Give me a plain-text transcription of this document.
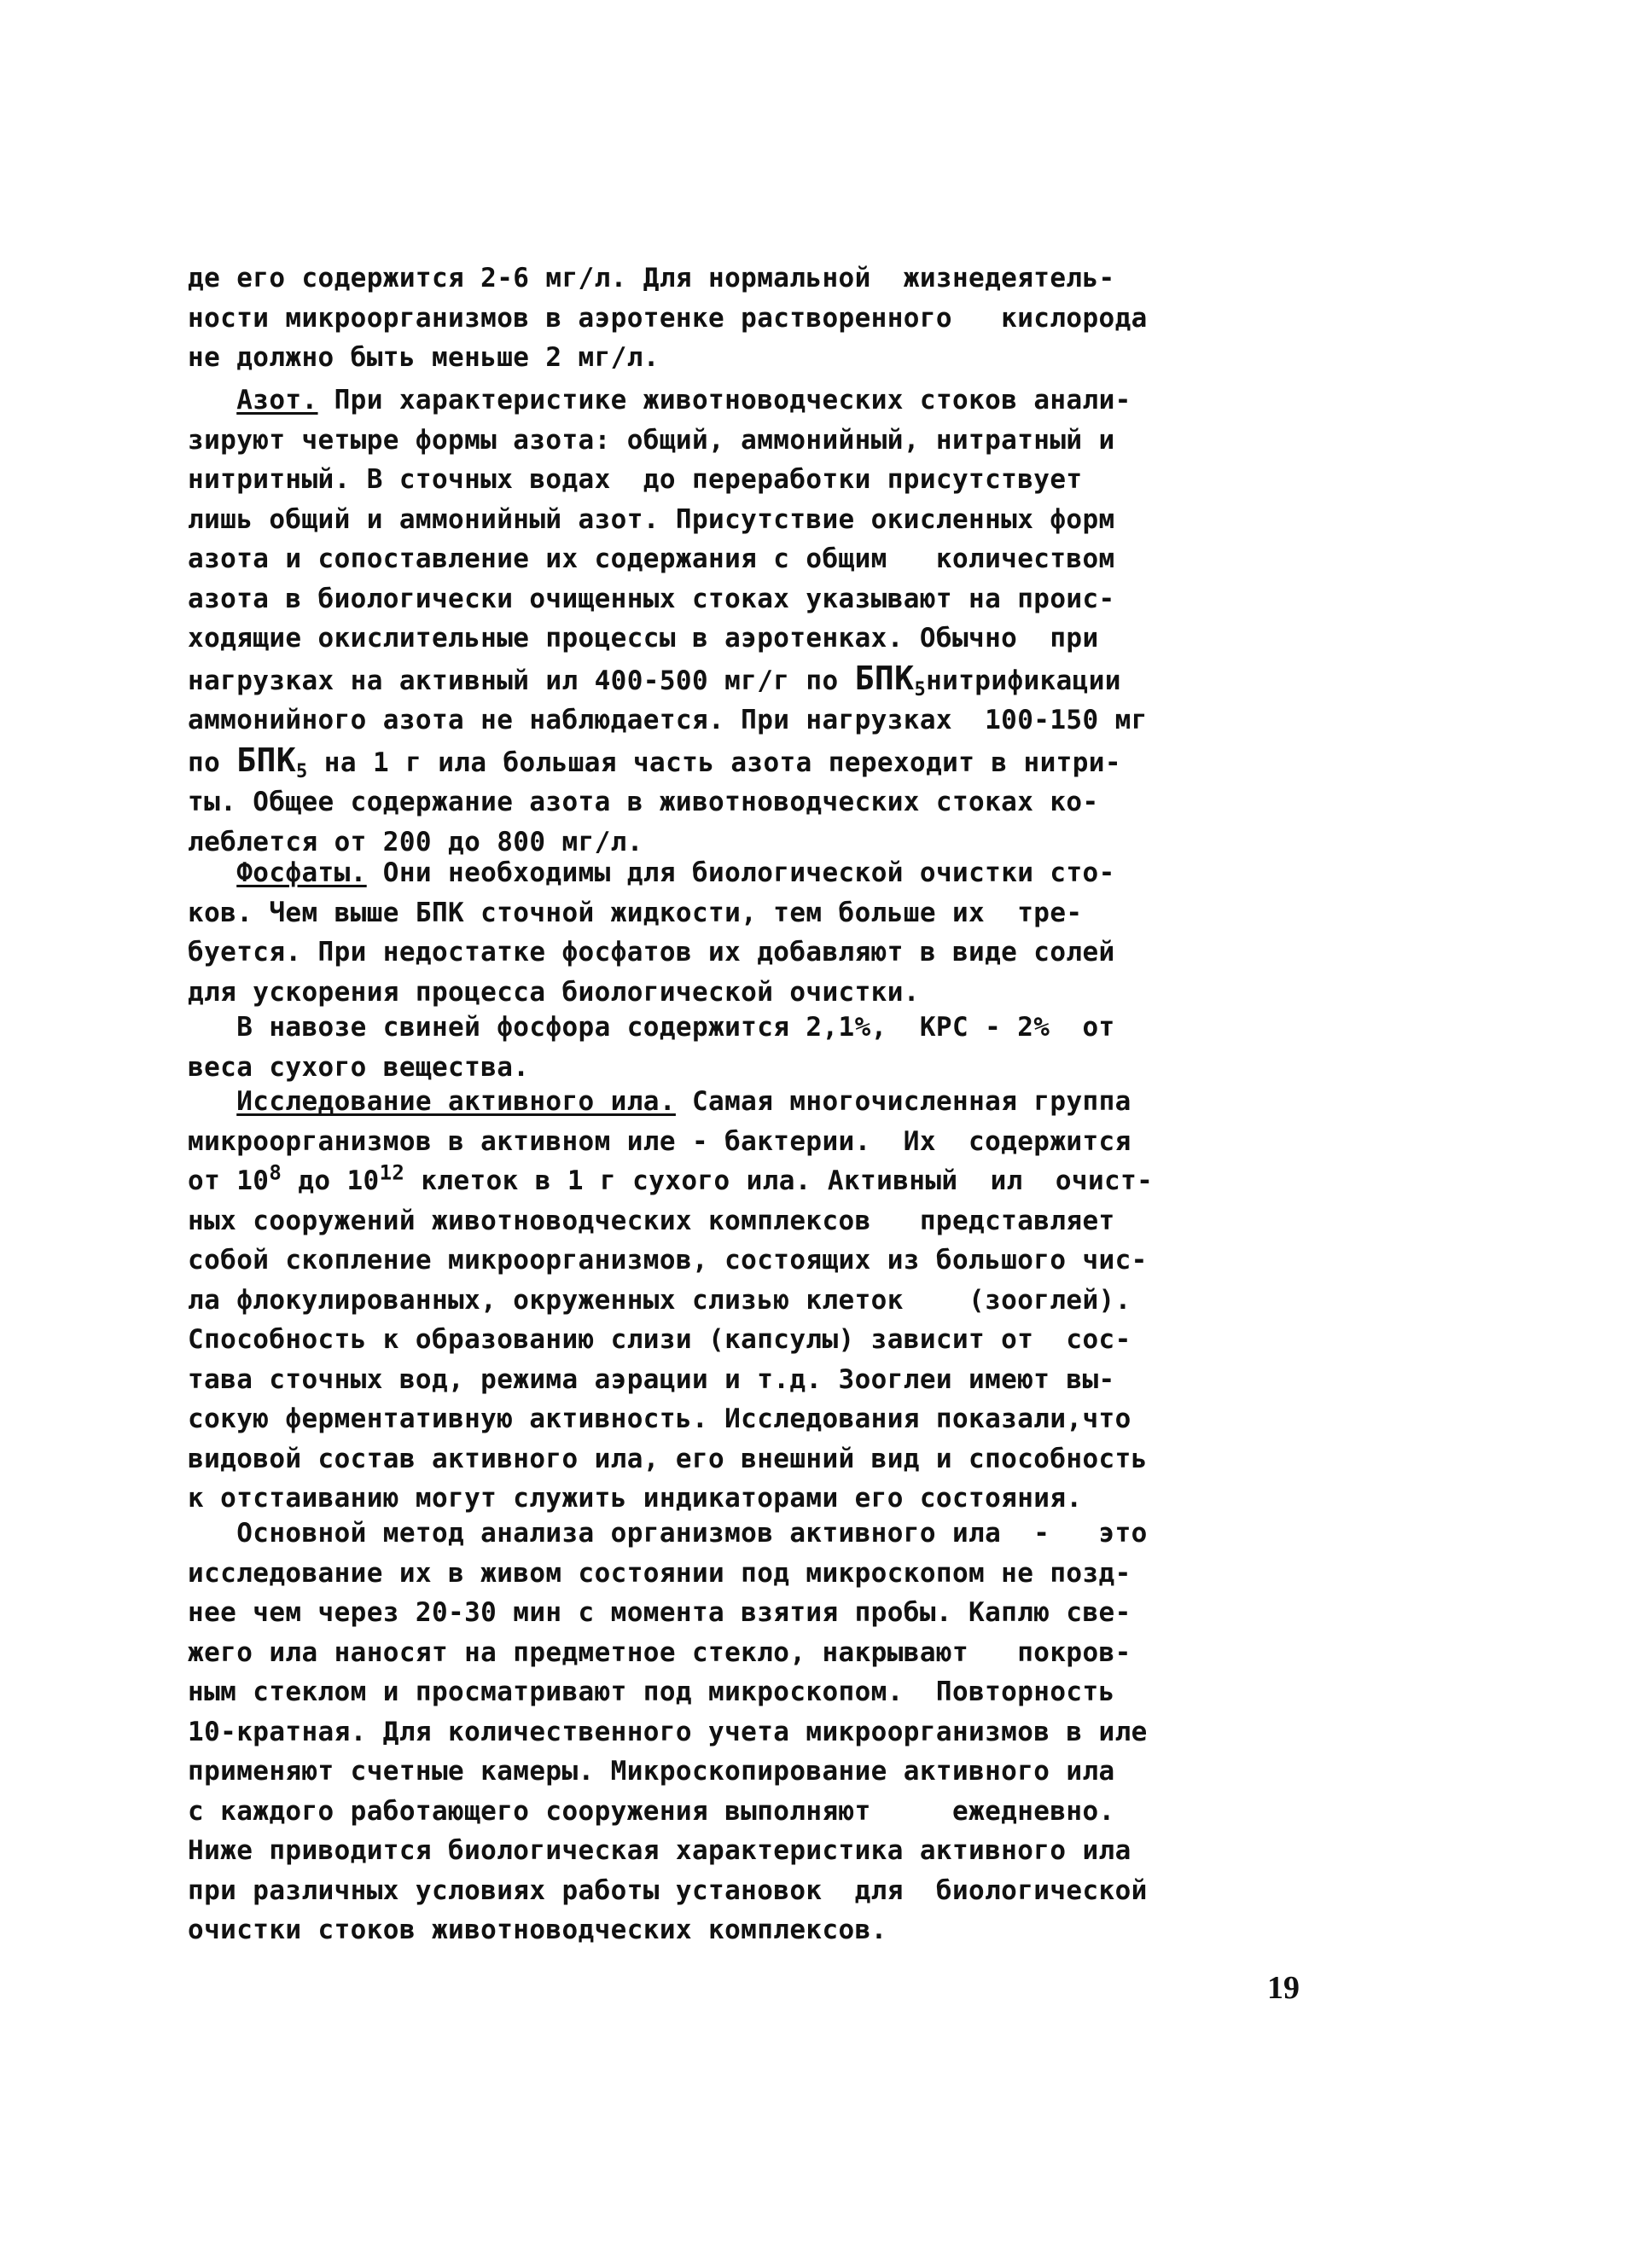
де его содержится 2-6 мг/л. Для нормальной  жизнедеятель-
ности микроорганизмов в аэротенке растворенного   кислорода
не должно быть меньше 2 мг/л.
Азот. При характеристике животноводческих стоков анали-
зируют четыре формы азота: общий, аммонийный, нитратный и
нитритный. В сточных водах  до переработки присутствует
лишь общий и аммонийный азот. Присутствие окисленных форм
азота и сопоставление их содержания с общим   количеством
азота в биологически очищенных стоках указывают на проис-
ходящие окислительные процессы в аэротенках. Обычно  при
нагрузках на активный ил 400-500 мг/г по $БПК_5нитрификации$
аммонийного азота не наблюдается. При нагрузках  100-150 мг
по $БПК_5$ на 1 г ила большая часть азота переходит в нитри-
ты. Общее содержание азота в животноводческих стоках ко-
леблется от 200 до 800 мг/л.
Фосфаты. Они необходимы для биологической очистки сто-
ков. Чем выше БПК сточной жидкости, тем больше их  тре-
буется. При недостатке фосфатов их добавляют в виде солей
для ускорения процесса биологической очистки.
В навозе свиней фосфора содержится 2,1%,  КРС - 2%  от
веса сухого вещества.
Исследование активного ила. Самая многочисленная группа
микроорганизмов в активном иле - бактерии.  Их  содержится
от $10^8$ до $10^{12}$ клеток в 1 г сухого ила. Активный  ил  очист-
ных сооружений животноводческих комплексов   представляет
собой скопление микроорганизмов, состоящих из большого чис-
ла флокулированных, окруженных слизью клеток    (зооглей).
Способность к образованию слизи (капсулы) зависит от  сос-
тава сточных вод, режима аэрации и т.д. Зооглеи имеют вы-
сокую ферментативную активность. Исследования показали,что
видовой состав активного ила, его внешний вид и способность
к отстаиванию могут служить индикаторами его состояния.
Основной метод анализа организмов активного ила  -   это
исследование их в живом состоянии под микроскопом не позд-
нее чем через 20-30 мин с момента взятия пробы. Каплю све-
жего ила наносят на предметное стекло, накрывают   покров-
ным стеклом и просматривают под микроскопом.  Повторность
10-кратная. Для количественного учета микроорганизмов в иле
применяют счетные камеры. Микроскопирование активного ила
с каждого работающего сооружения выполняют     ежедневно.
Ниже приводится биологическая характеристика активного ила
при различных условиях работы установок  для  биологической
очистки стоков животноводческих комплексов.
19
